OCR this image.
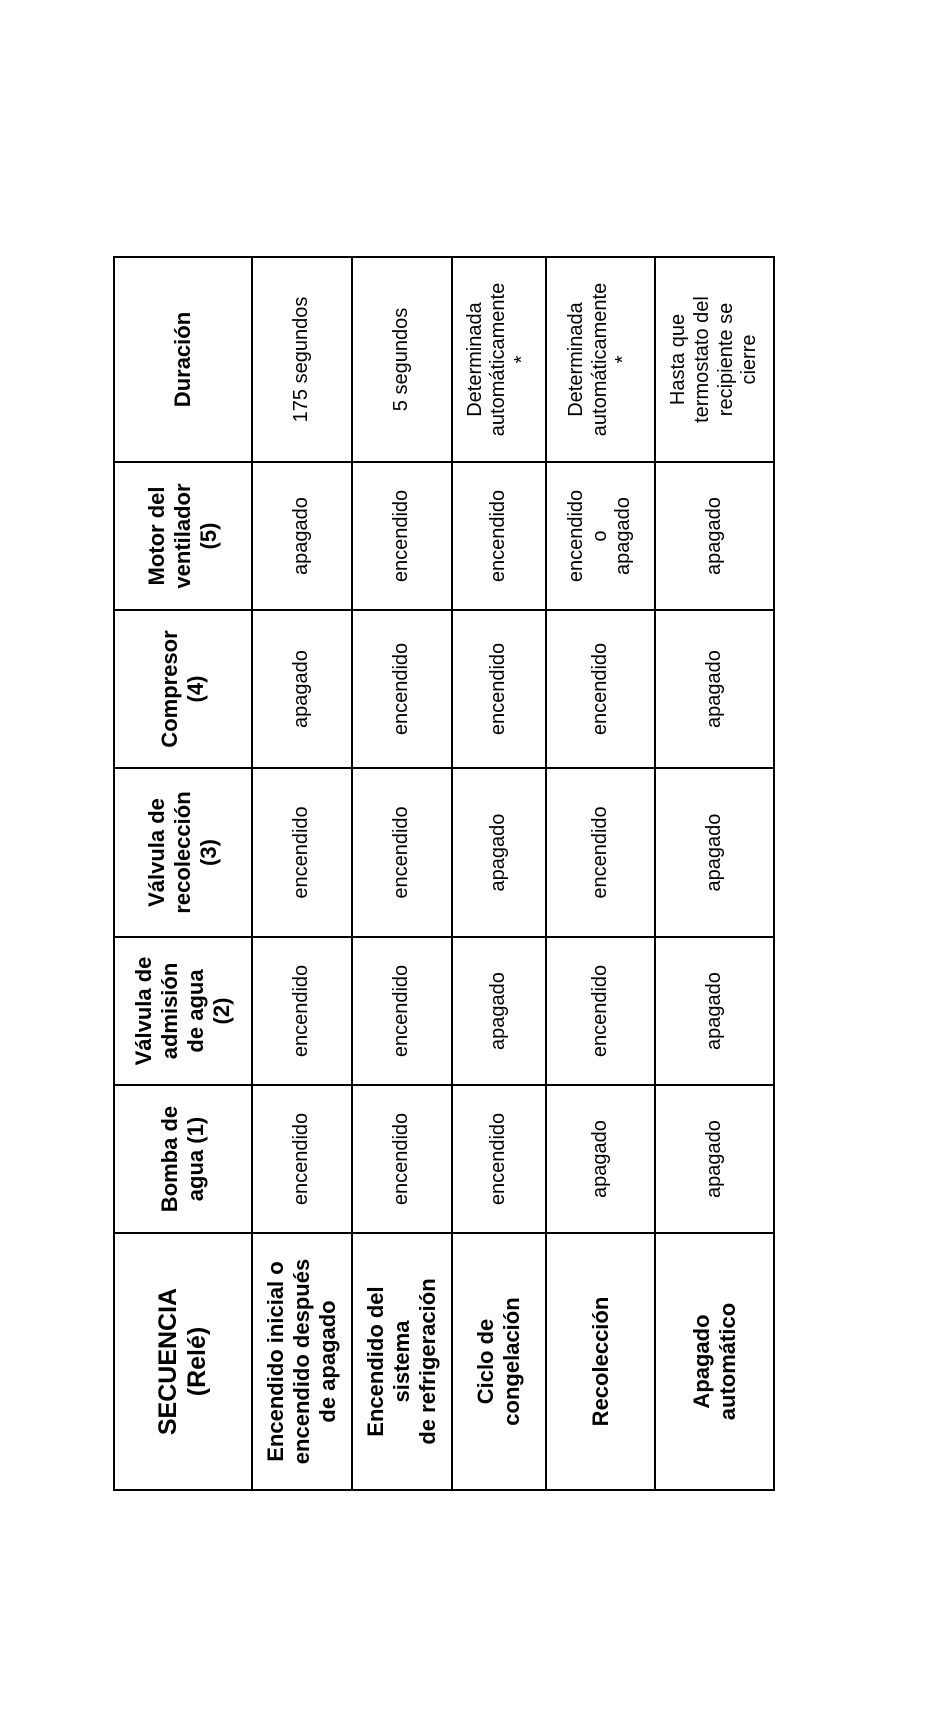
SECUENCIA
(Relé)	Bomba de
agua (1)	Válvula de
admisión
de agua
(2)	Válvula de
recolección
(3)	Compresor
(4)	Motor del
ventilador
(5)	Duración
Encendido inicial o
encendido después
de apagado	encendido	encendido	encendido	apagado	apagado	175 segundos
Encendido del
sistema
de refrigeración	encendido	encendido	encendido	encendido	encendido	5 segundos
Ciclo de
congelación	encendido	apagado	apagado	encendido	encendido	Determinada
automáticamente
*
Recolección	apagado	encendido	encendido	encendido	encendido
o
apagado	Determinada
automáticamente
*
Apagado
automático	apagado	apagado	apagado	apagado	apagado	Hasta que
termostato del
recipiente se
cierre
